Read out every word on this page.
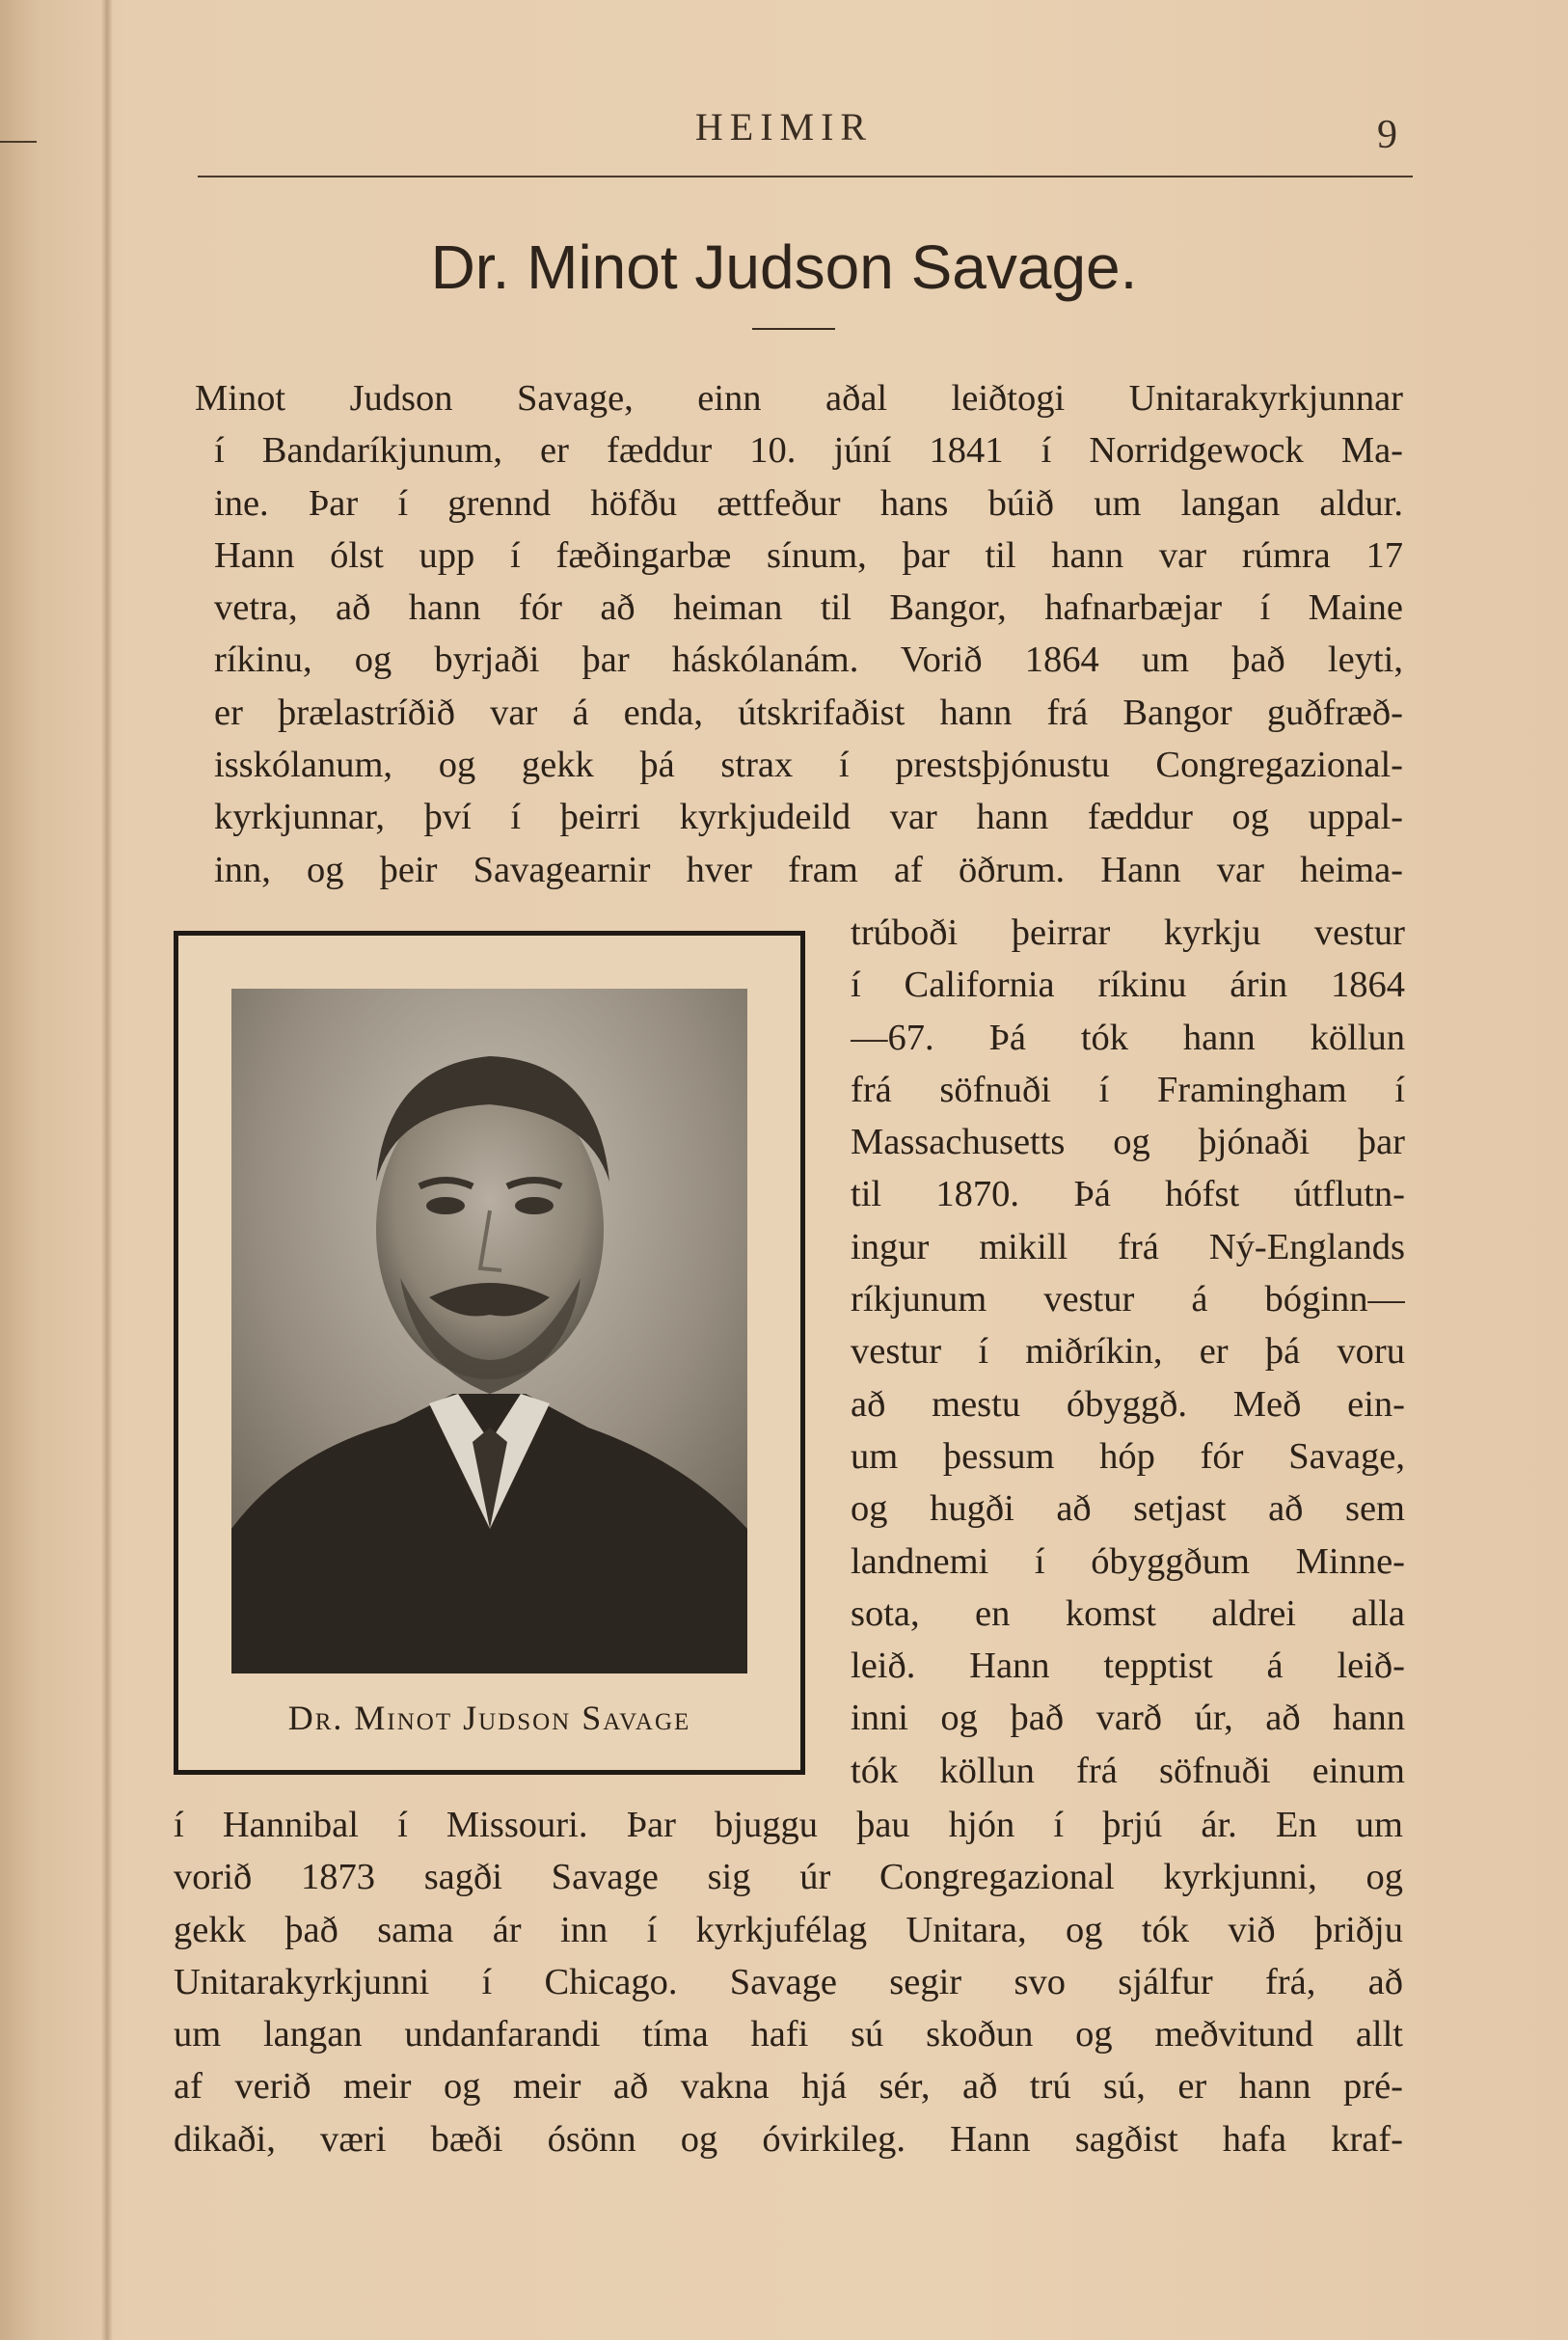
HEIMIR	9
Dr. Minot Judson Savage.

Minot Judson Savage, einn aðal leiðtogi Unitarakyrkjunnar
í Bandaríkjunum, er fæddur 10. júní 1841 í Norridgewock Ma-
ine. Þar í grennd höfðu ættfeður hans búið um langan aldur.
Hann ólst upp í fæðingarbæ sínum, þar til hann var rúmra 17
vetra, að hann fór að heiman til Bangor, hafnarbæjar í Maine
ríkinu, og byrjaði þar háskólanám. Vorið 1864 um það leyti,
er þrælastríðið var á enda, útskrifaðist hann frá Bangor guðfræð-
isskólanum, og gekk þá strax í prestsþjónustu Congregazional-
kyrkjunnar, því í þeirri kyrkjudeild var hann fæddur og uppal-
inn, og þeir Savagearnir hver fram af öðrum. Hann var heima-

Dr. Minot Judson Savage

trúboði þeirrar kyrkju vestur
í California ríkinu árin 1864
—67. Þá tók hann köllun
frá söfnuði í Framingham í
Massachusetts og þjónaði þar
til 1870. Þá hófst útflutn-
ingur mikill frá Ný-Englands
ríkjunum vestur á bóginn—
vestur í miðríkin, er þá voru
að mestu óbyggð. Með ein-
um þessum hóp fór Savage,
og hugði að setjast að sem
landnemi í óbyggðum Minne-
sota, en komst aldrei alla
leið. Hann tepptist á leið-
inni og það varð úr, að hann
tók köllun frá söfnuði einum

í Hannibal í Missouri. Þar bjuggu þau hjón í þrjú ár. En um
vorið 1873 sagði Savage sig úr Congregazional kyrkjunni, og
gekk það sama ár inn í kyrkjufélag Unitara, og tók við þriðju
Unitarakyrkjunni í Chicago. Savage segir svo sjálfur frá, að
um langan undanfarandi tíma hafi sú skoðun og meðvitund allt
af verið meir og meir að vakna hjá sér, að trú sú, er hann pré-
dikaði, væri bæði ósönn og óvirkileg. Hann sagðist hafa kraf-
